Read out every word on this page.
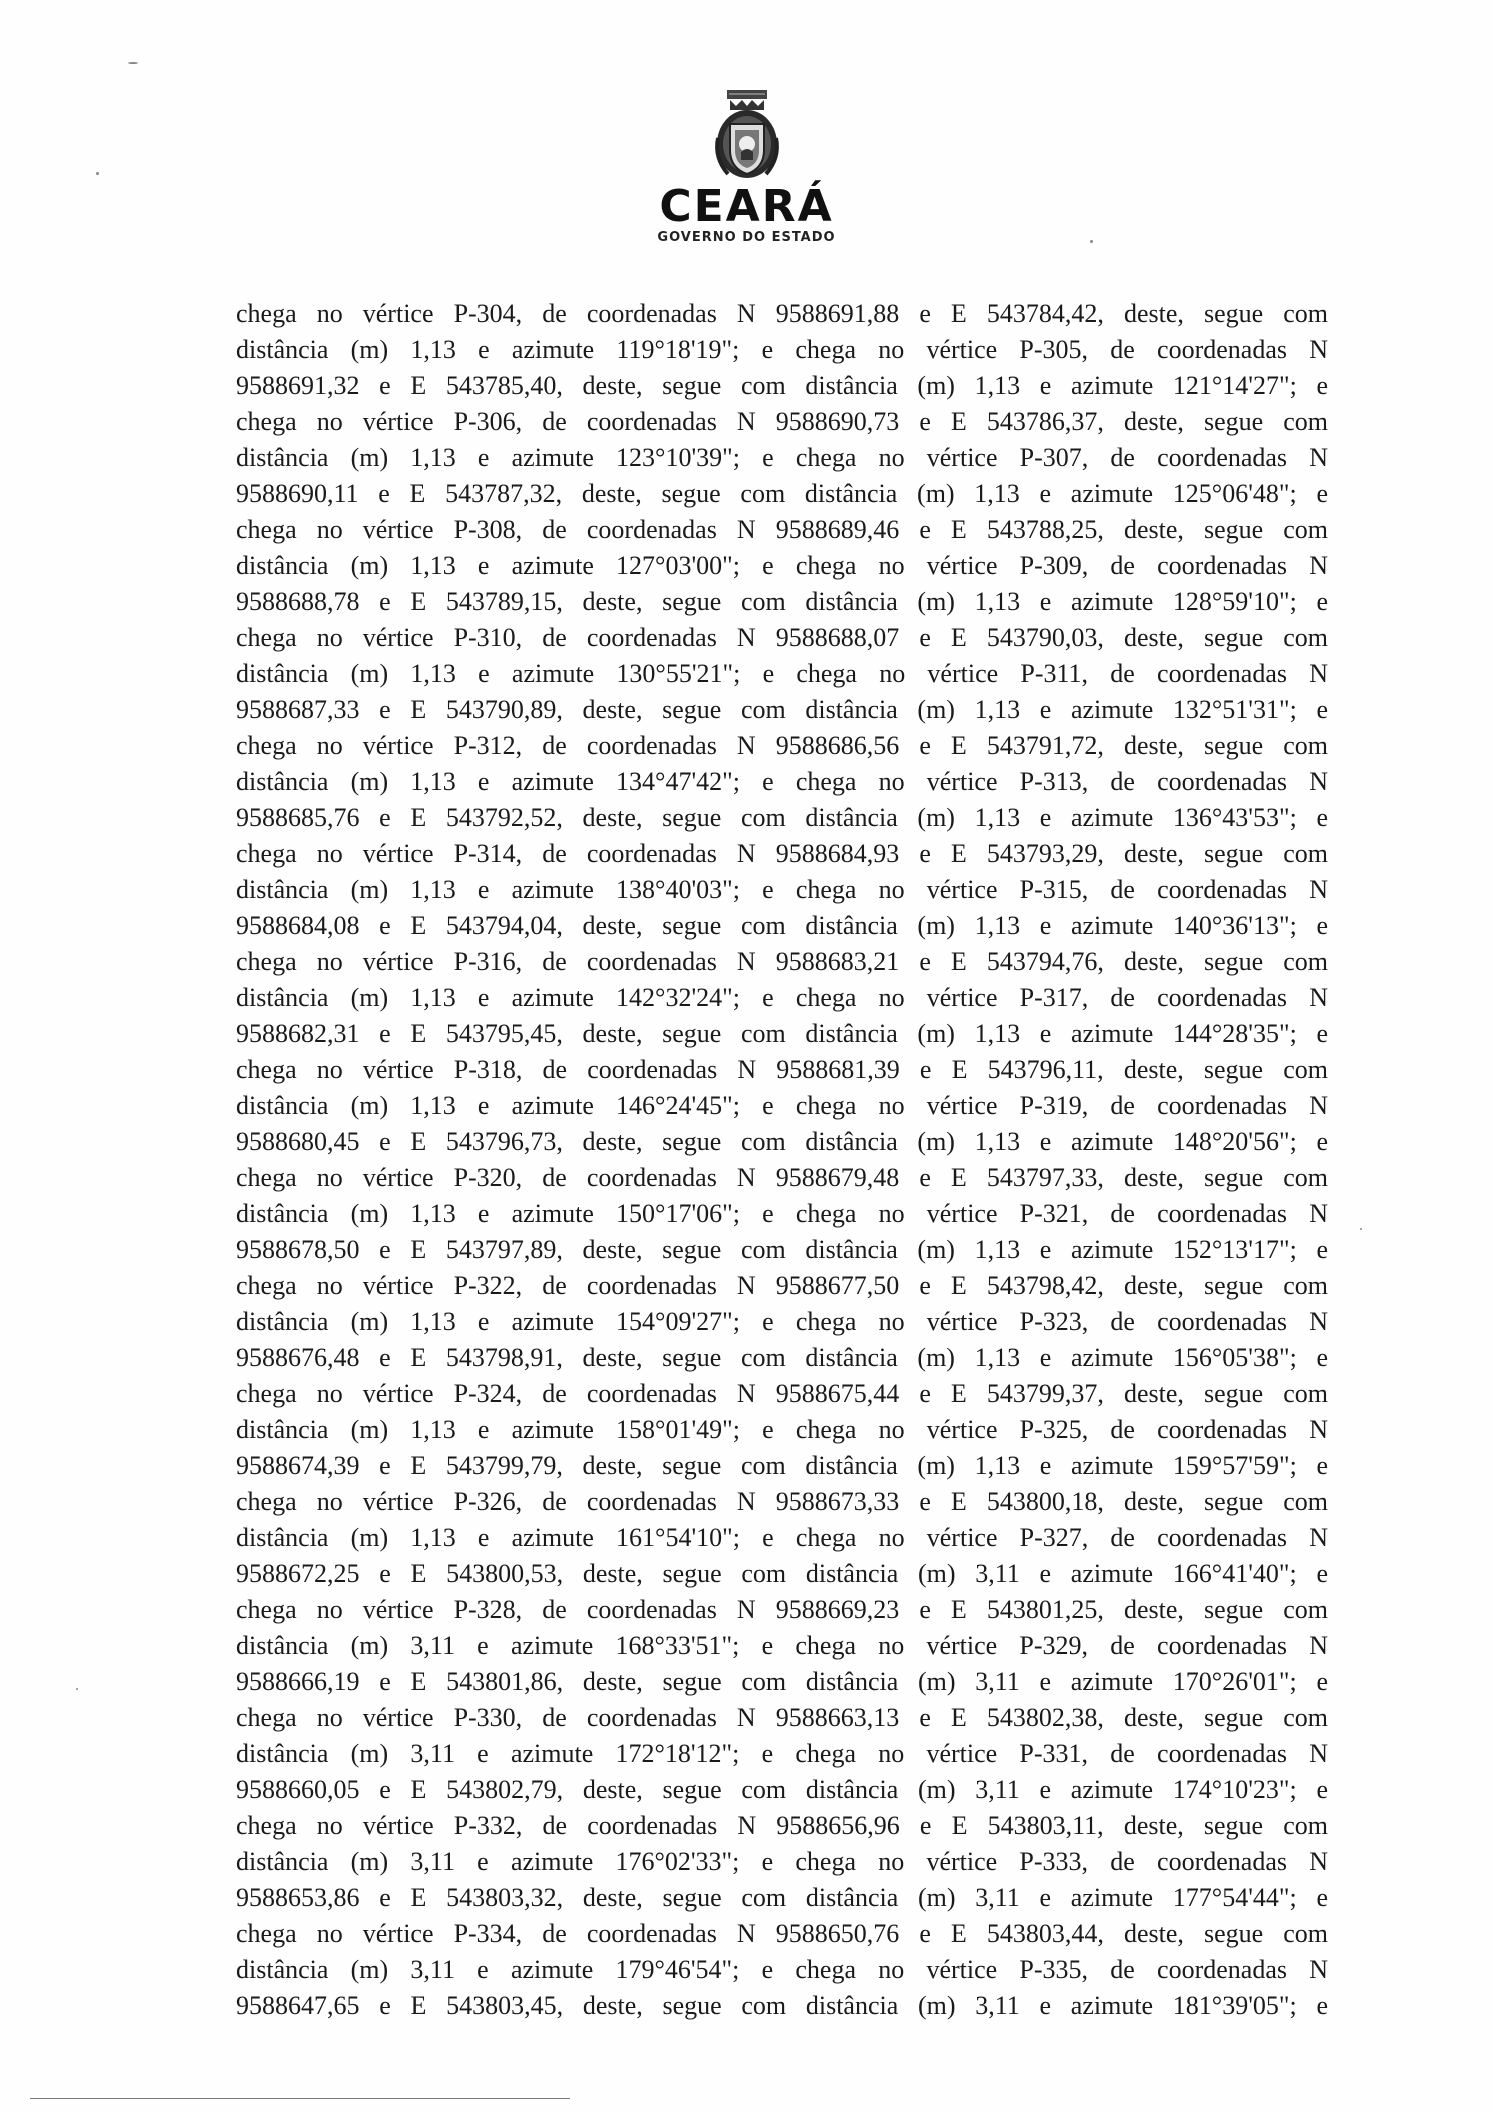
CEARÁ
GOVERNO DO ESTADO
chega no vértice P-304, de coordenadas N 9588691,88 e E 543784,42, deste, segue com
distância (m) 1,13 e azimute 119°18'19"; e chega no vértice P-305, de coordenadas N
9588691,32 e E 543785,40, deste, segue com distância (m) 1,13 e azimute 121°14'27"; e
chega no vértice P-306, de coordenadas N 9588690,73 e E 543786,37, deste, segue com
distância (m) 1,13 e azimute 123°10'39"; e chega no vértice P-307, de coordenadas N
9588690,11 e E 543787,32, deste, segue com distância (m) 1,13 e azimute 125°06'48"; e
chega no vértice P-308, de coordenadas N 9588689,46 e E 543788,25, deste, segue com
distância (m) 1,13 e azimute 127°03'00"; e chega no vértice P-309, de coordenadas N
9588688,78 e E 543789,15, deste, segue com distância (m) 1,13 e azimute 128°59'10"; e
chega no vértice P-310, de coordenadas N 9588688,07 e E 543790,03, deste, segue com
distância (m) 1,13 e azimute 130°55'21"; e chega no vértice P-311, de coordenadas N
9588687,33 e E 543790,89, deste, segue com distância (m) 1,13 e azimute 132°51'31"; e
chega no vértice P-312, de coordenadas N 9588686,56 e E 543791,72, deste, segue com
distância (m) 1,13 e azimute 134°47'42"; e chega no vértice P-313, de coordenadas N
9588685,76 e E 543792,52, deste, segue com distância (m) 1,13 e azimute 136°43'53"; e
chega no vértice P-314, de coordenadas N 9588684,93 e E 543793,29, deste, segue com
distância (m) 1,13 e azimute 138°40'03"; e chega no vértice P-315, de coordenadas N
9588684,08 e E 543794,04, deste, segue com distância (m) 1,13 e azimute 140°36'13"; e
chega no vértice P-316, de coordenadas N 9588683,21 e E 543794,76, deste, segue com
distância (m) 1,13 e azimute 142°32'24"; e chega no vértice P-317, de coordenadas N
9588682,31 e E 543795,45, deste, segue com distância (m) 1,13 e azimute 144°28'35"; e
chega no vértice P-318, de coordenadas N 9588681,39 e E 543796,11, deste, segue com
distância (m) 1,13 e azimute 146°24'45"; e chega no vértice P-319, de coordenadas N
9588680,45 e E 543796,73, deste, segue com distância (m) 1,13 e azimute 148°20'56"; e
chega no vértice P-320, de coordenadas N 9588679,48 e E 543797,33, deste, segue com
distância (m) 1,13 e azimute 150°17'06"; e chega no vértice P-321, de coordenadas N
9588678,50 e E 543797,89, deste, segue com distância (m) 1,13 e azimute 152°13'17"; e
chega no vértice P-322, de coordenadas N 9588677,50 e E 543798,42, deste, segue com
distância (m) 1,13 e azimute 154°09'27"; e chega no vértice P-323, de coordenadas N
9588676,48 e E 543798,91, deste, segue com distância (m) 1,13 e azimute 156°05'38"; e
chega no vértice P-324, de coordenadas N 9588675,44 e E 543799,37, deste, segue com
distância (m) 1,13 e azimute 158°01'49"; e chega no vértice P-325, de coordenadas N
9588674,39 e E 543799,79, deste, segue com distância (m) 1,13 e azimute 159°57'59"; e
chega no vértice P-326, de coordenadas N 9588673,33 e E 543800,18, deste, segue com
distância (m) 1,13 e azimute 161°54'10"; e chega no vértice P-327, de coordenadas N
9588672,25 e E 543800,53, deste, segue com distância (m) 3,11 e azimute 166°41'40"; e
chega no vértice P-328, de coordenadas N 9588669,23 e E 543801,25, deste, segue com
distância (m) 3,11 e azimute 168°33'51"; e chega no vértice P-329, de coordenadas N
9588666,19 e E 543801,86, deste, segue com distância (m) 3,11 e azimute 170°26'01"; e
chega no vértice P-330, de coordenadas N 9588663,13 e E 543802,38, deste, segue com
distância (m) 3,11 e azimute 172°18'12"; e chega no vértice P-331, de coordenadas N
9588660,05 e E 543802,79, deste, segue com distância (m) 3,11 e azimute 174°10'23"; e
chega no vértice P-332, de coordenadas N 9588656,96 e E 543803,11, deste, segue com
distância (m) 3,11 e azimute 176°02'33"; e chega no vértice P-333, de coordenadas N
9588653,86 e E 543803,32, deste, segue com distância (m) 3,11 e azimute 177°54'44"; e
chega no vértice P-334, de coordenadas N 9588650,76 e E 543803,44, deste, segue com
distância (m) 3,11 e azimute 179°46'54"; e chega no vértice P-335, de coordenadas N
9588647,65 e E 543803,45, deste, segue com distância (m) 3,11 e azimute 181°39'05"; e
